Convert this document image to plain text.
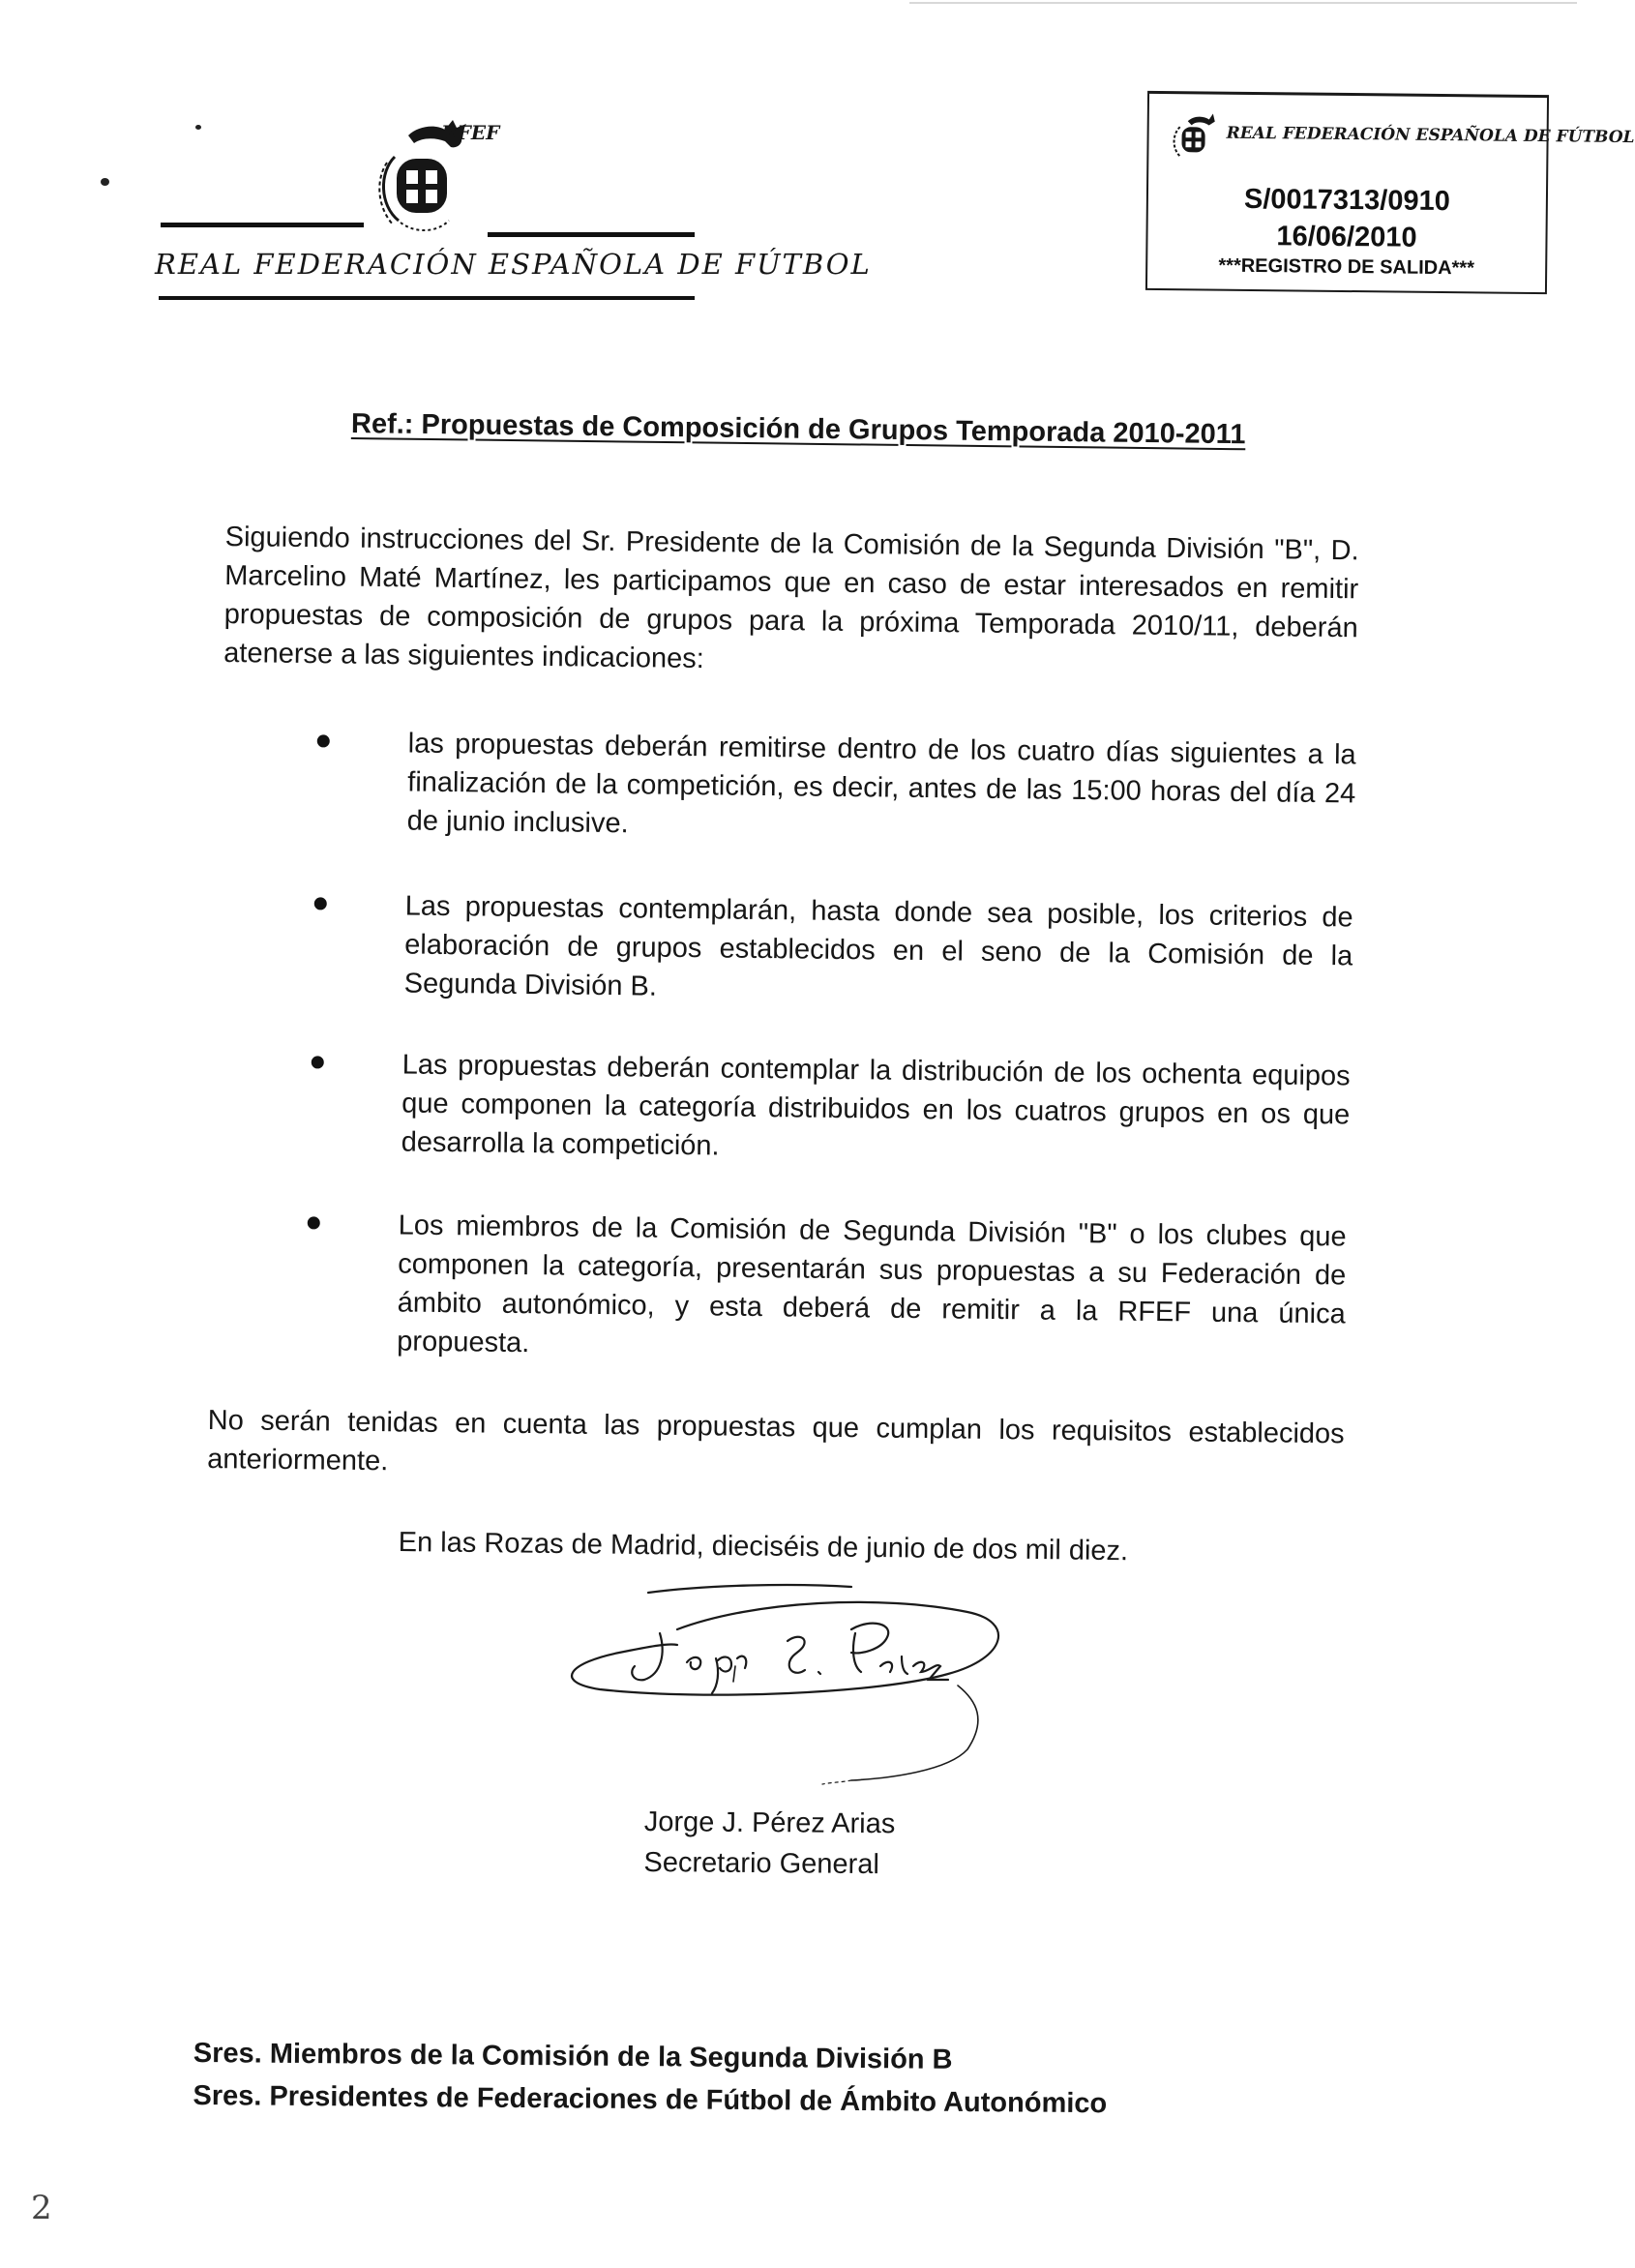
RFEF
REAL FEDERACIÓN ESPAÑOLA DE FÚTBOL
REAL FEDERACIÓN ESPAÑOLA DE FÚTBOL
S/0017313/0910
16/06/2010
***REGISTRO DE SALIDA***
Ref.: Propuestas de Composición de Grupos Temporada 2010-2011
Siguiendo instrucciones del Sr. Presidente de la Comisión de la Segunda División "B", D. Marcelino Maté Martínez, les participamos que en caso de estar interesados en remitir propuestas de composición de grupos para la próxima Temporada 2010/11, deberán atenerse a las siguientes indicaciones:
las propuestas deberán remitirse dentro de los cuatro días siguientes a la finalización de la competición, es decir, antes de las 15:00 horas del día 24 de junio inclusive.
Las propuestas contemplarán, hasta donde sea posible, los criterios de elaboración de grupos establecidos en el seno de la Comisión de la Segunda División B.
Las propuestas deberán contemplar la distribución de los ochenta equipos que componen la categoría distribuidos en los cuatros grupos en os que desarrolla la competición.
Los miembros de la Comisión de Segunda División "B" o los clubes que componen la categoría, presentarán sus propuestas a su Federación de ámbito autonómico, y esta deberá de remitir a la RFEF una única propuesta.
No serán tenidas en cuenta las propuestas que cumplan los requisitos establecidos anteriormente.
En las Rozas de Madrid, dieciséis de junio de dos mil diez.
Jorge J. Pérez Arias
Secretario General
Sres. Miembros de la Comisión de la Segunda División B
Sres. Presidentes de Federaciones de Fútbol de Ámbito Autonómico
2
